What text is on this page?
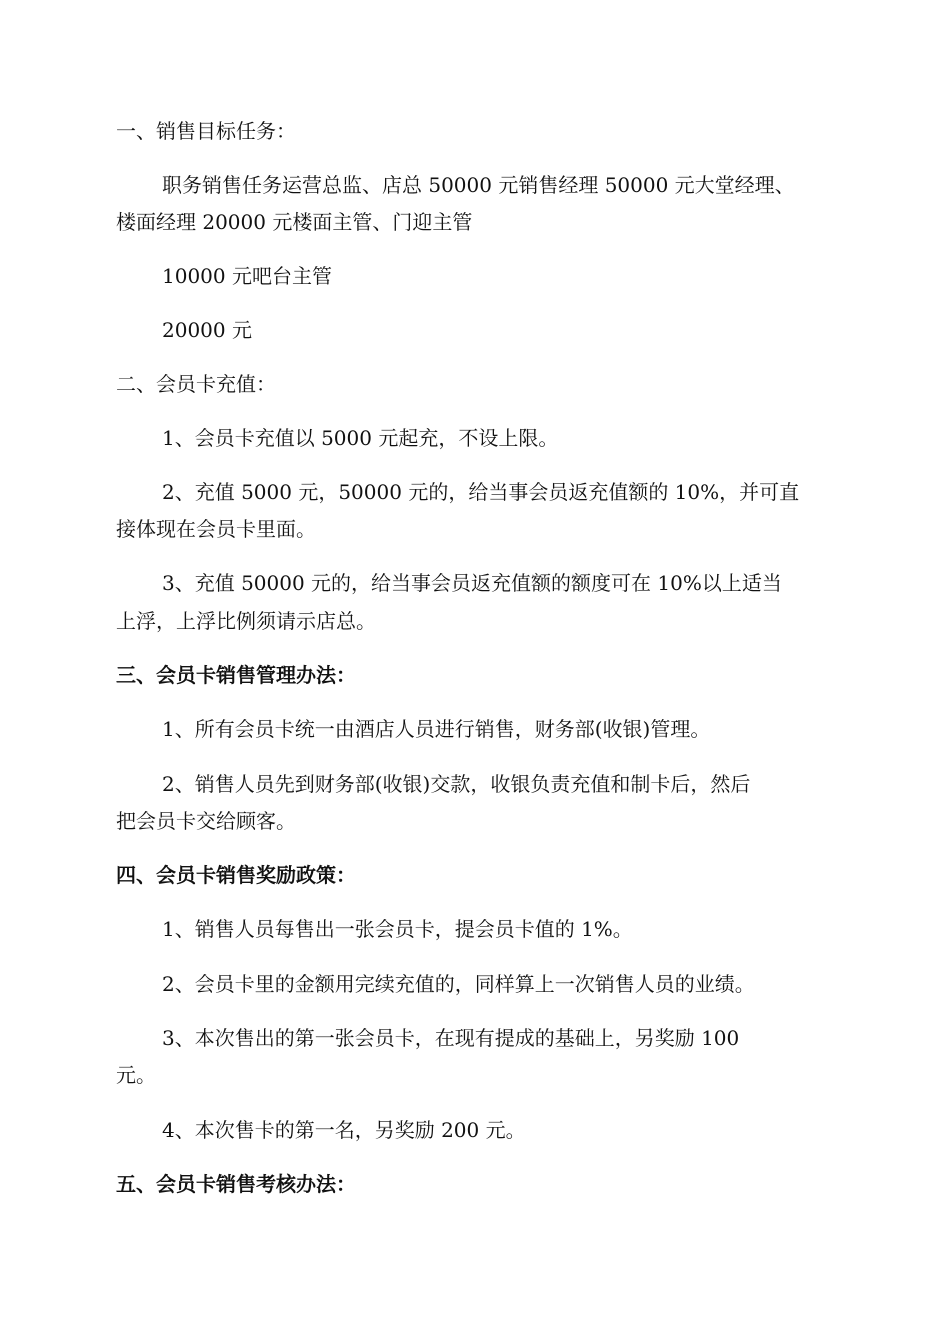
一、销售目标任务：
职务销售任务运营总监、店总 50000 元销售经理 50000 元大堂经理、
楼面经理 20000 元楼面主管、门迎主管
10000 元吧台主管
20000 元
二、会员卡充值：
1、会员卡充值以 5000 元起充，不设上限。
2、充值 5000 元，50000 元的，给当事会员返充值额的 10%，并可直
接体现在会员卡里面。
3、充值 50000 元的，给当事会员返充值额的额度可在 10%以上适当
上浮，上浮比例须请示店总。
三、会员卡销售管理办法：
1、所有会员卡统一由酒店人员进行销售，财务部(收银)管理。
2、销售人员先到财务部(收银)交款，收银负责充值和制卡后，然后
把会员卡交给顾客。
四、会员卡销售奖励政策：
1、销售人员每售出一张会员卡，提会员卡值的 1%。
2、会员卡里的金额用完续充值的，同样算上一次销售人员的业绩。
3、本次售出的第一张会员卡，在现有提成的基础上，另奖励 100
元。
4、本次售卡的第一名，另奖励 200 元。
五、会员卡销售考核办法：
